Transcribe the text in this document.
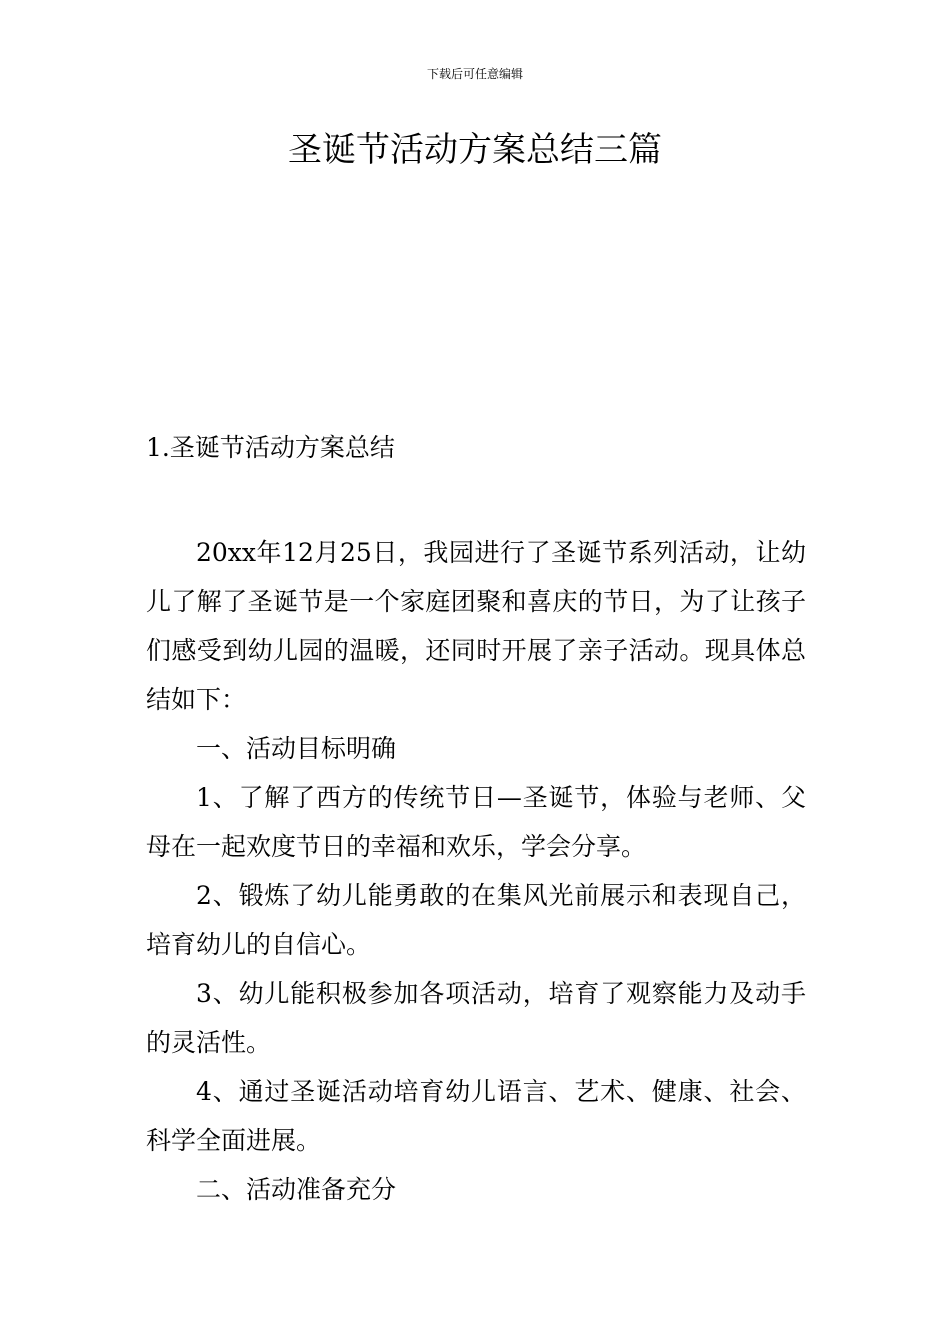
下载后可任意编辑
圣诞节活动方案总结三篇
1.圣诞节活动方案总结

20xx年12月25日，我园进行了圣诞节系列活动，让幼儿了解了圣诞节是一个家庭团聚和喜庆的节日，为了让孩子们感受到幼儿园的温暖，还同时开展了亲子活动。现具体总结如下：

一、活动目标明确

1、了解了西方的传统节日—圣诞节，体验与老师、父母在一起欢度节日的幸福和欢乐，学会分享。

2、锻炼了幼儿能勇敢的在集风光前展示和表现自己，培育幼儿的自信心。

3、幼儿能积极参加各项活动，培育了观察能力及动手的灵活性。

4、通过圣诞活动培育幼儿语言、艺术、健康、社会、科学全面进展。

二、活动准备充分
